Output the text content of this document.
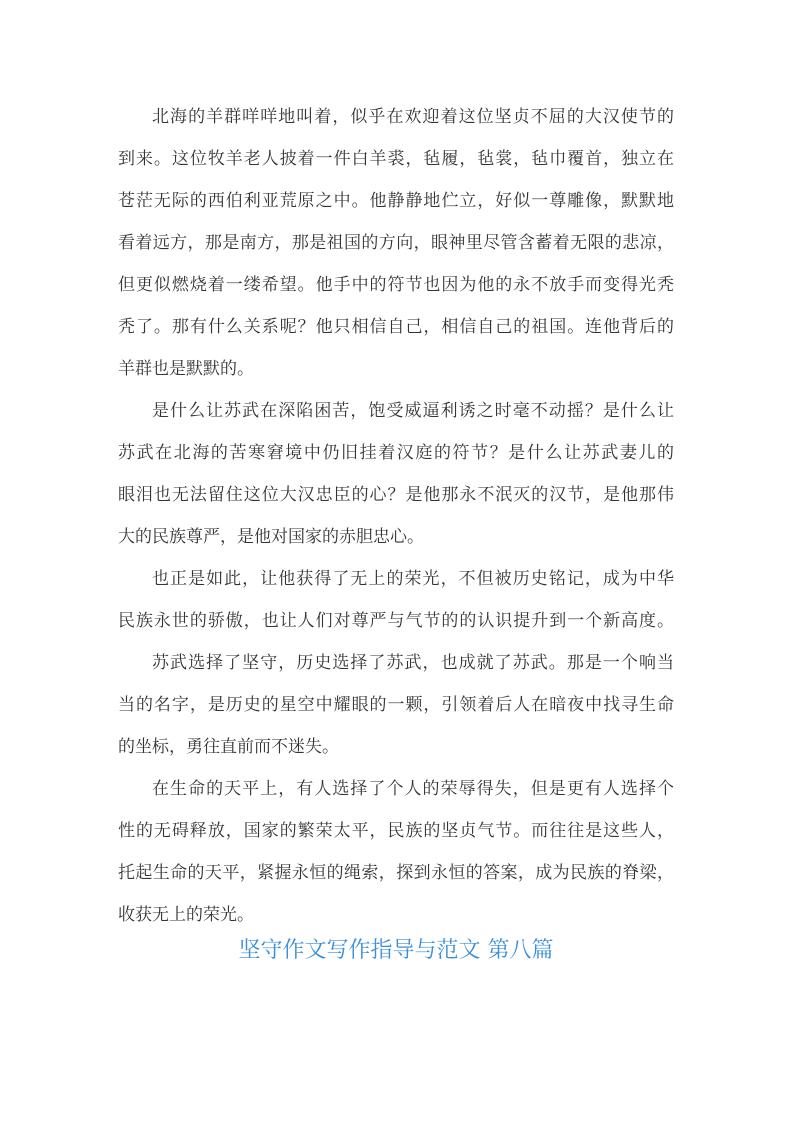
北海的羊群咩咩地叫着，似乎在欢迎着这位坚贞不屈的大汉使节的
到来。这位牧羊老人披着一件白羊裘，毡履，毡裳，毡巾覆首，独立在
苍茫无际的西伯利亚荒原之中。他静静地伫立，好似一尊雕像，默默地
看着远方，那是南方，那是祖国的方向，眼神里尽管含蓄着无限的悲凉，
但更似燃烧着一缕希望。他手中的符节也因为他的永不放手而变得光秃
秃了。那有什么关系呢？他只相信自己，相信自己的祖国。连他背后的
羊群也是默默的。
是什么让苏武在深陷困苦，饱受威逼利诱之时毫不动摇？是什么让
苏武在北海的苦寒窘境中仍旧挂着汉庭的符节？是什么让苏武妻儿的
眼泪也无法留住这位大汉忠臣的心？是他那永不泯灭的汉节，是他那伟
大的民族尊严，是他对国家的赤胆忠心。
也正是如此，让他获得了无上的荣光，不但被历史铭记，成为中华
民族永世的骄傲，也让人们对尊严与气节的的认识提升到一个新高度。
苏武选择了坚守，历史选择了苏武，也成就了苏武。那是一个响当
当的名字，是历史的星空中耀眼的一颗，引领着后人在暗夜中找寻生命
的坐标，勇往直前而不迷失。
在生命的天平上，有人选择了个人的荣辱得失，但是更有人选择个
性的无碍释放，国家的繁荣太平，民族的坚贞气节。而往往是这些人，
托起生命的天平，紧握永恒的绳索，探到永恒的答案，成为民族的脊梁，
收获无上的荣光。
坚守作文写作指导与范文 第八篇
